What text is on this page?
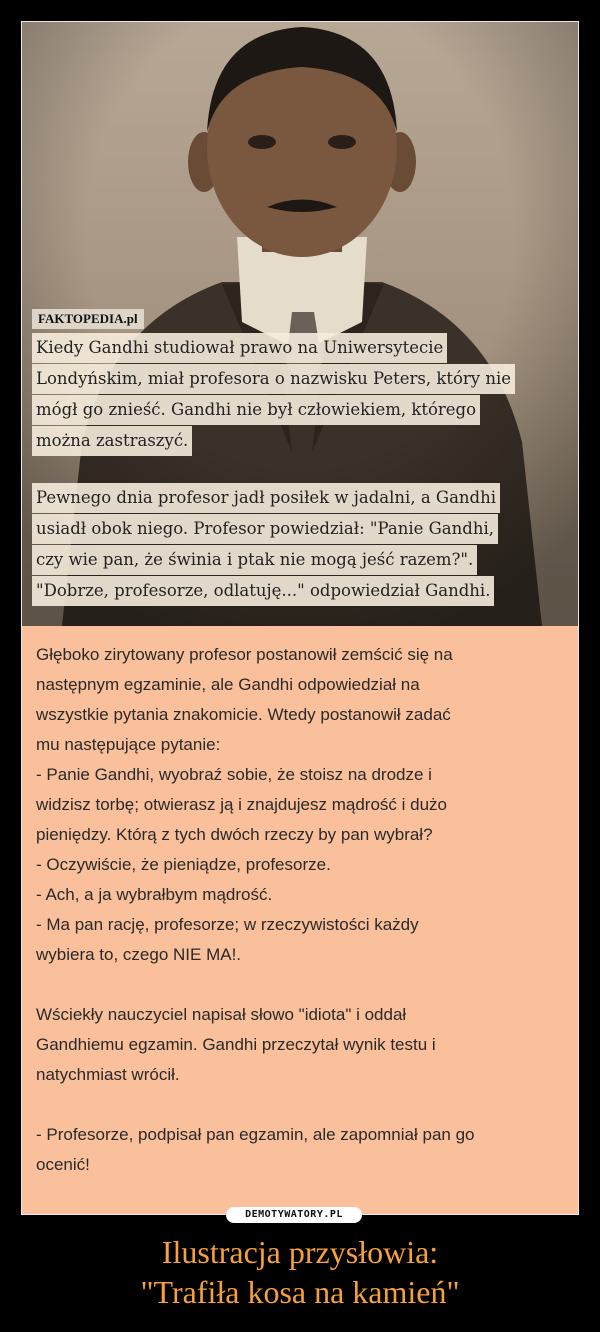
FAKTOPEDIA.pl
Kiedy Gandhi studiował prawo na Uniwersytecie
Londyńskim, miał profesora o nazwisku Peters, który nie
mógł go znieść. Gandhi nie był człowiekiem, którego
można zastraszyć.
Pewnego dnia profesor jadł posiłek w jadalni, a Gandhi
usiadł obok niego. Profesor powiedział: "Panie Gandhi,
czy wie pan, że świnia i ptak nie mogą jeść razem?".
"Dobrze, profesorze, odlatuję..." odpowiedział Gandhi.
Głęboko zirytowany profesor postanowił zemścić się na
następnym egzaminie, ale Gandhi odpowiedział na
wszystkie pytania znakomicie. Wtedy postanowił zadać
mu następujące pytanie:
- Panie Gandhi, wyobraź sobie, że stoisz na drodze i
widzisz torbę; otwierasz ją i znajdujesz mądrość i dużo
pieniędzy. Którą z tych dwóch rzeczy by pan wybrał?
- Oczywiście, że pieniądze, profesorze.
- Ach, a ja wybrałbym mądrość.
- Ma pan rację, profesorze; w rzeczywistości każdy
wybiera to, czego NIE MA!.
Wściekły nauczyciel napisał słowo "idiota" i oddał
Gandhiemu egzamin. Gandhi przeczytał wynik testu i
natychmiast wrócił.
- Profesorze, podpisał pan egzamin, ale zapomniał pan go
ocenić!
DEMOTYWATORY.PL
Ilustracja przysłowia:
"Trafiła kosa na kamień"
